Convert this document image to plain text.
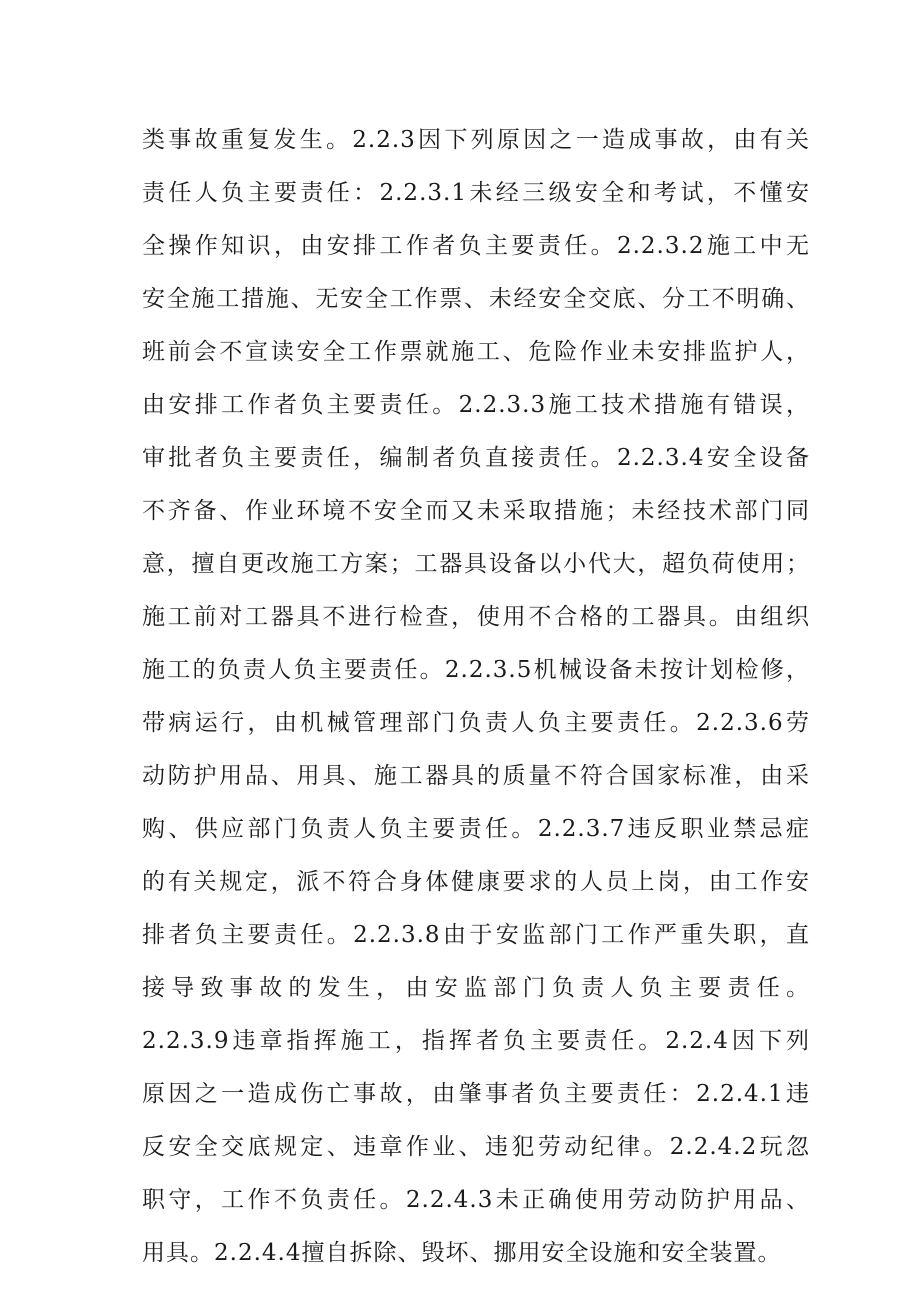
类事故重复发生。2.2.3因下列原因之一造成事故，由有关
责任人负主要责任：2.2.3.1未经三级安全和考试，不懂安
全操作知识，由安排工作者负主要责任。2.2.3.2施工中无
安全施工措施、无安全工作票、未经安全交底、分工不明确、
班前会不宣读安全工作票就施工、危险作业未安排监护人，
由安排工作者负主要责任。2.2.3.3施工技术措施有错误，
审批者负主要责任，编制者负直接责任。2.2.3.4安全设备
不齐备、作业环境不安全而又未采取措施；未经技术部门同
意，擅自更改施工方案；工器具设备以小代大，超负荷使用；
施工前对工器具不进行检查，使用不合格的工器具。由组织
施工的负责人负主要责任。2.2.3.5机械设备未按计划检修，
带病运行，由机械管理部门负责人负主要责任。2.2.3.6劳
动防护用品、用具、施工器具的质量不符合国家标准，由采
购、供应部门负责人负主要责任。2.2.3.7违反职业禁忌症
的有关规定，派不符合身体健康要求的人员上岗，由工作安
排者负主要责任。2.2.3.8由于安监部门工作严重失职，直
接导致事故的发生，由安监部门负责人负主要责任。
2.2.3.9违章指挥施工，指挥者负主要责任。2.2.4因下列
原因之一造成伤亡事故，由肇事者负主要责任：2.2.4.1违
反安全交底规定、违章作业、违犯劳动纪律。2.2.4.2玩忽
职守，工作不负责任。2.2.4.3未正确使用劳动防护用品、
用具。2.2.4.4擅自拆除、毁坏、挪用安全设施和安全装置。
